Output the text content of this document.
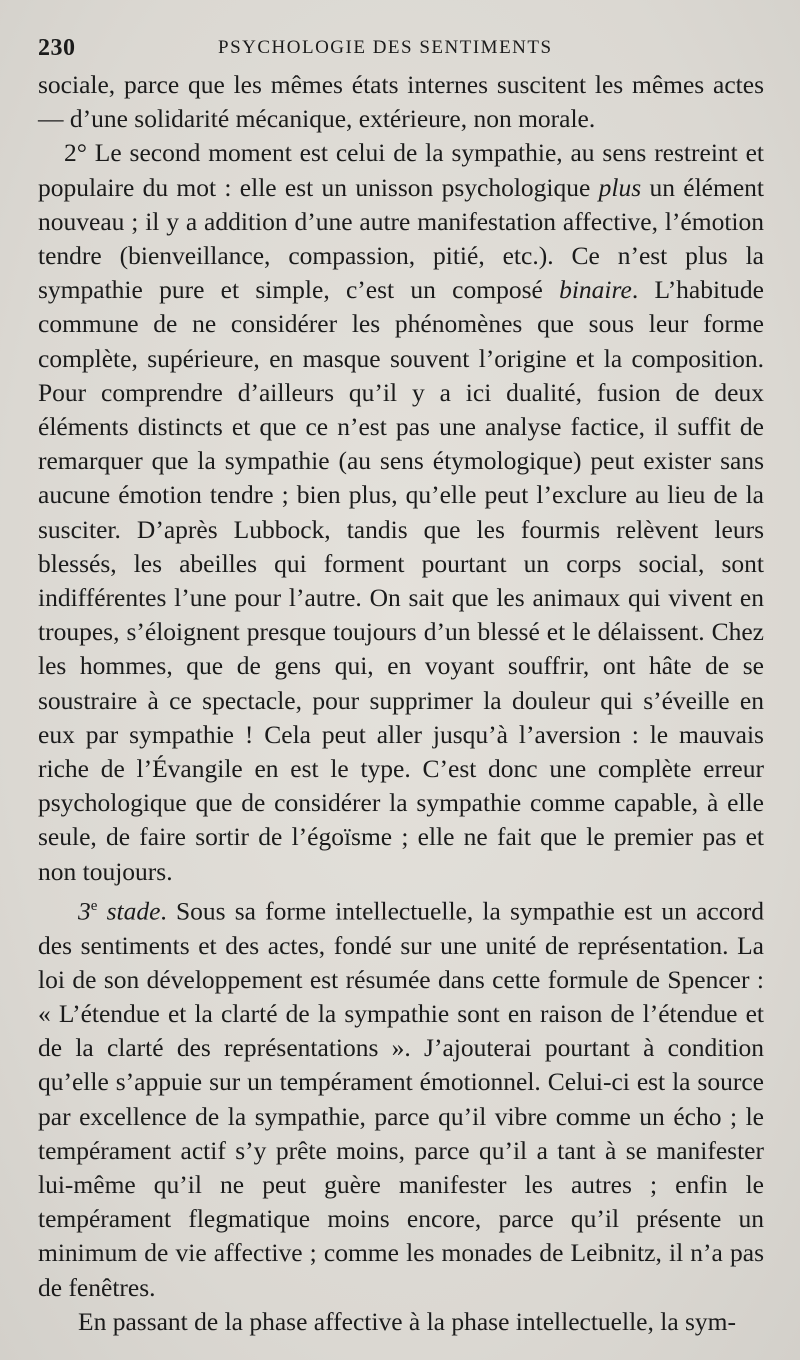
230	PSYCHOLOGIE DES SENTIMENTS

sociale, parce que les mêmes états internes suscitent les mêmes actes — d’une solidarité mécanique, extérieure, non morale.

2° Le second moment est celui de la sympathie, au sens restreint et populaire du mot : elle est un unisson psychologique plus un élément nouveau ; il y a addition d’une autre manifestation affective, l’émotion tendre (bienveillance, compassion, pitié, etc.). Ce n’est plus la sympathie pure et simple, c’est un composé binaire. L’habitude commune de ne considérer les phénomènes que sous leur forme complète, supérieure, en masque souvent l’origine et la composition. Pour comprendre d’ailleurs qu’il y a ici dualité, fusion de deux éléments distincts et que ce n’est pas une analyse factice, il suffit de remarquer que la sympathie (au sens étymologique) peut exister sans aucune émotion tendre ; bien plus, qu’elle peut l’exclure au lieu de la susciter. D’après Lubbock, tandis que les fourmis relèvent leurs blessés, les abeilles qui forment pourtant un corps social, sont indifférentes l’une pour l’autre. On sait que les animaux qui vivent en troupes, s’éloignent presque toujours d’un blessé et le délaissent. Chez les hommes, que de gens qui, en voyant souffrir, ont hâte de se soustraire à ce spectacle, pour supprimer la douleur qui s’éveille en eux par sympathie ! Cela peut aller jusqu’à l’aversion : le mauvais riche de l’Évangile en est le type. C’est donc une complète erreur psychologique que de considérer la sympathie comme capable, à elle seule, de faire sortir de l’égoïsme ; elle ne fait que le premier pas et non toujours.

3e stade. Sous sa forme intellectuelle, la sympathie est un accord des sentiments et des actes, fondé sur une unité de représentation. La loi de son développement est résumée dans cette formule de Spencer : « L’étendue et la clarté de la sympathie sont en raison de l’étendue et de la clarté des représentations ». J’ajouterai pourtant à condition qu’elle s’appuie sur un tempérament émotionnel. Celui-ci est la source par excellence de la sympathie, parce qu’il vibre comme un écho ; le tempérament actif s’y prête moins, parce qu’il a tant à se manifester lui-même qu’il ne peut guère manifester les autres ; enfin le tempérament flegmatique moins encore, parce qu’il présente un minimum de vie affective ; comme les monades de Leibnitz, il n’a pas de fenêtres.

En passant de la phase affective à la phase intellectuelle, la sym-
